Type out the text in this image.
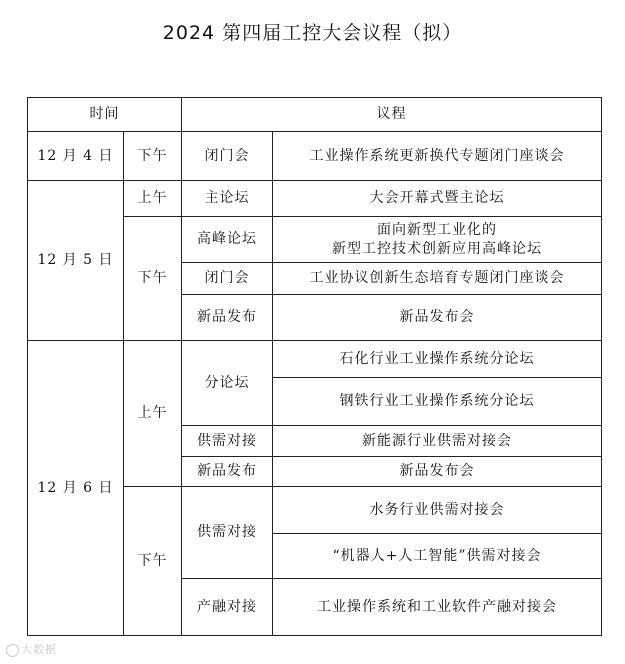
2024 第四届工控大会议程（拟）
时间		议程	
12 月 4 日	下午	闭门会	工业操作系统更新换代专题闭门座谈会
12 月 5 日	上午	主论坛	大会开幕式暨主论坛
	下午	高峰论坛	面向新型工业化的
新型工控技术创新应用高峰论坛

		闭门会	工业协议创新生态培育专题闭门座谈会
		新品发布	新品发布会
12 月 6 日	上午	分论坛	石化行业工业操作系统分论坛
			钢铁行业工业操作系统分论坛
		供需对接	新能源行业供需对接会
		新品发布	新品发布会
	下午	供需对接	水务行业供需对接会
			“机器人+人工智能”供需对接会
		产融对接	工业操作系统和工业软件产融对接会
大数据
